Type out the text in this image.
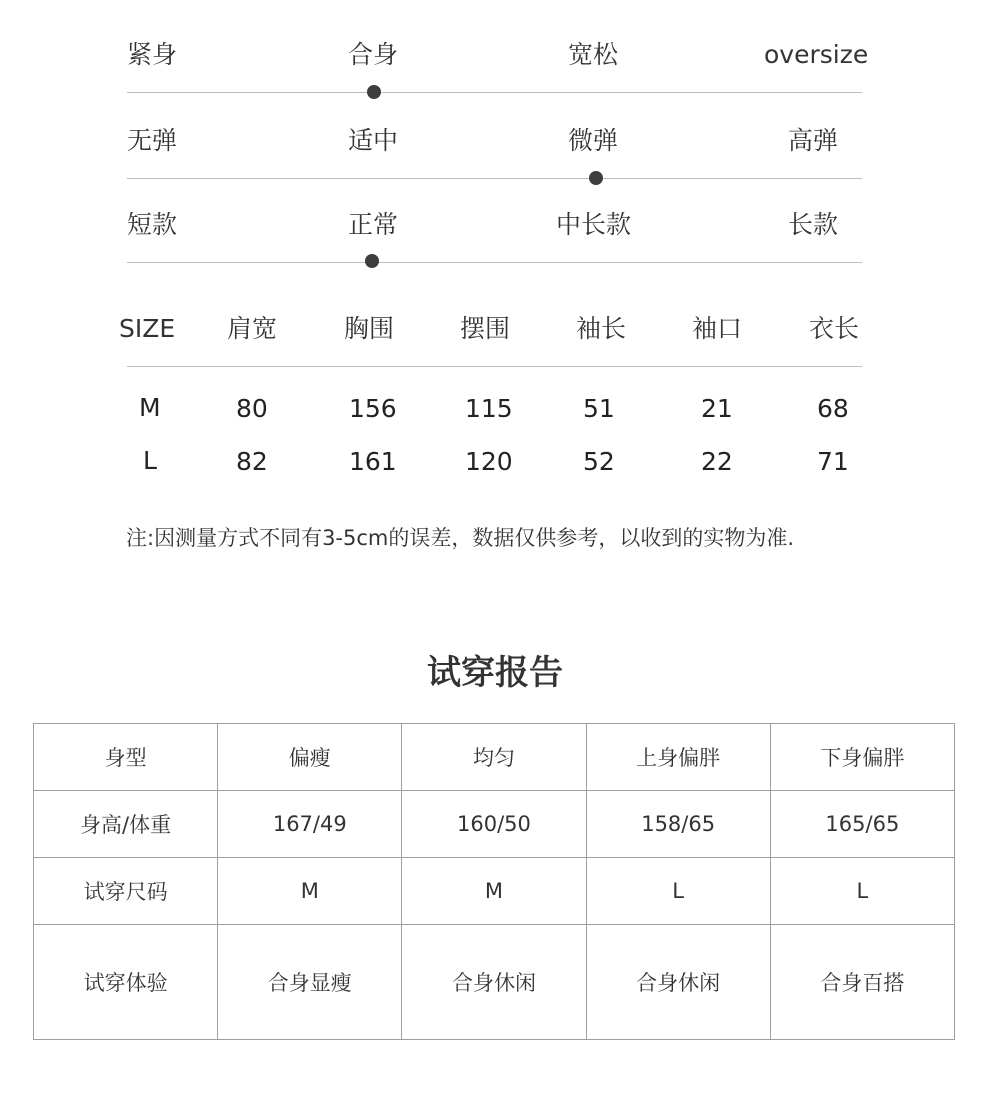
紧身	合身	宽松	oversize
无弹	适中	微弹	高弹
短款	正常	中长款	长款
SIZE 肩宽	胸围	摆围	袖长	袖口	衣长
M	80	156	115	51	21	68
L	82	161	120	52	22	71
注:因测量方式不同有3-5cm的误差，数据仅供参考，以收到的实物为准.
试穿报告
身型	偏瘦	均匀	上身偏胖	下身偏胖
身高/体重	167/49	160/50	158/65	165/65
试穿尺码	M	M	L	L
试穿体验	合身显瘦	合身休闲	合身休闲	合身百搭
